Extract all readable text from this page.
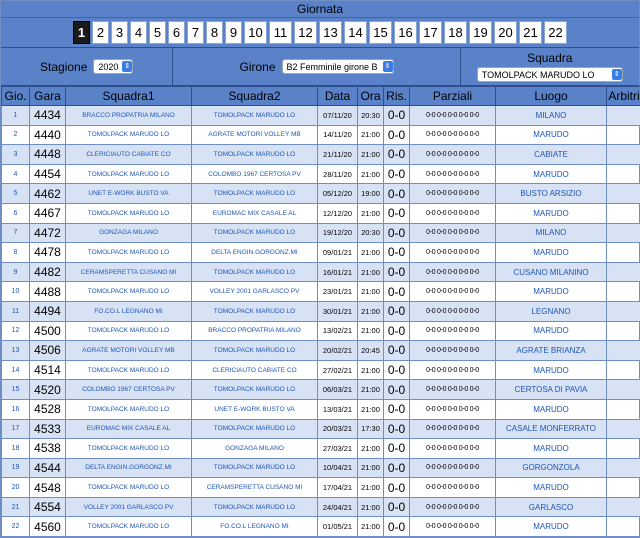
Giornata
1 2 3 4 5 6 7 8 9 10 11 12 13 14 15 16 17 18 19 20 21 22
Stagione 2020 ⇕	Girone B2 Femminile girone B ⇕
Squadra
TOMOLPACK MARUDO LO	⇕
Gio.	Gara	Squadra1	Squadra2	Data	Ora	Ris.	Parziali	Luogo	Arbitri
1	4434	BRACCO PROPATRIA MILANO	TOMOLPACK MARUDO LO	07/11/20	20:30	0-0	0-0 0-0 0-0 0-0 0-0	MILANO	
2	4440	TOMOLPACK MARUDO LO	AGRATE MOTORI VOLLEY MB	14/11/20	21:00	0-0	0-0 0-0 0-0 0-0 0-0	MARUDO	
3	4448	CLERICIAUTO CABIATE CO	TOMOLPACK MARUDO LO	21/11/20	21:00	0-0	0-0 0-0 0-0 0-0 0-0	CABIATE	
4	4454	TOMOLPACK MARUDO LO	COLOMBO 1967 CERTOSA PV	28/11/20	21:00	0-0	0-0 0-0 0-0 0-0 0-0	MARUDO	
5	4462	UNET E-WORK BUSTO VA	TOMOLPACK MARUDO LO	05/12/20	19:00	0-0	0-0 0-0 0-0 0-0 0-0	BUSTO ARSIZIO	
6	4467	TOMOLPACK MARUDO LO	EUROMAC MIX CASALE AL	12/12/20	21:00	0-0	0-0 0-0 0-0 0-0 0-0	MARUDO	
7	4472	GONZAGA MILANO	TOMOLPACK MARUDO LO	19/12/20	20:30	0-0	0-0 0-0 0-0 0-0 0-0	MILANO	
8	4478	TOMOLPACK MARUDO LO	DELTA ENGIN.GORGONZ.MI	09/01/21	21:00	0-0	0-0 0-0 0-0 0-0 0-0	MARUDO	
9	4482	CERAMSPERETTA CUSANO MI	TOMOLPACK MARUDO LO	16/01/21	21:00	0-0	0-0 0-0 0-0 0-0 0-0	CUSANO MILANINO	
10	4488	TOMOLPACK MARUDO LO	VOLLEY 2001 GARLASCO PV	23/01/21	21:00	0-0	0-0 0-0 0-0 0-0 0-0	MARUDO	
11	4494	FO.CO.L LEGNANO MI	TOMOLPACK MARUDO LO	30/01/21	21:00	0-0	0-0 0-0 0-0 0-0 0-0	LEGNANO	
12	4500	TOMOLPACK MARUDO LO	BRACCO PROPATRIA MILANO	13/02/21	21:00	0-0	0-0 0-0 0-0 0-0 0-0	MARUDO	
13	4506	AGRATE MOTORI VOLLEY MB	TOMOLPACK MARUDO LO	20/02/21	20:45	0-0	0-0 0-0 0-0 0-0 0-0	AGRATE BRIANZA	
14	4514	TOMOLPACK MARUDO LO	CLERICIAUTO CABIATE CO	27/02/21	21:00	0-0	0-0 0-0 0-0 0-0 0-0	MARUDO	
15	4520	COLOMBO 1967 CERTOSA PV	TOMOLPACK MARUDO LO	06/03/21	21:00	0-0	0-0 0-0 0-0 0-0 0-0	CERTOSA DI PAVIA	
16	4528	TOMOLPACK MARUDO LO	UNET E-WORK BUSTO VA	13/03/21	21:00	0-0	0-0 0-0 0-0 0-0 0-0	MARUDO	
17	4533	EUROMAC MIX CASALE AL	TOMOLPACK MARUDO LO	20/03/21	17:30	0-0	0-0 0-0 0-0 0-0 0-0	CASALE MONFERRATO	
18	4538	TOMOLPACK MARUDO LO	GONZAGA MILANO	27/03/21	21:00	0-0	0-0 0-0 0-0 0-0 0-0	MARUDO	
19	4544	DELTA ENGIN.GORGONZ.MI	TOMOLPACK MARUDO LO	10/04/21	21:00	0-0	0-0 0-0 0-0 0-0 0-0	GORGONZOLA	
20	4548	TOMOLPACK MARUDO LO	CERAMSPERETTA CUSANO MI	17/04/21	21:00	0-0	0-0 0-0 0-0 0-0 0-0	MARUDO	
21	4554	VOLLEY 2001 GARLASCO PV	TOMOLPACK MARUDO LO	24/04/21	21:00	0-0	0-0 0-0 0-0 0-0 0-0	GARLASCO	
22	4560	TOMOLPACK MARUDO LO	FO.CO.L LEGNANO MI	01/05/21	21:00	0-0	0-0 0-0 0-0 0-0 0-0	MARUDO	
